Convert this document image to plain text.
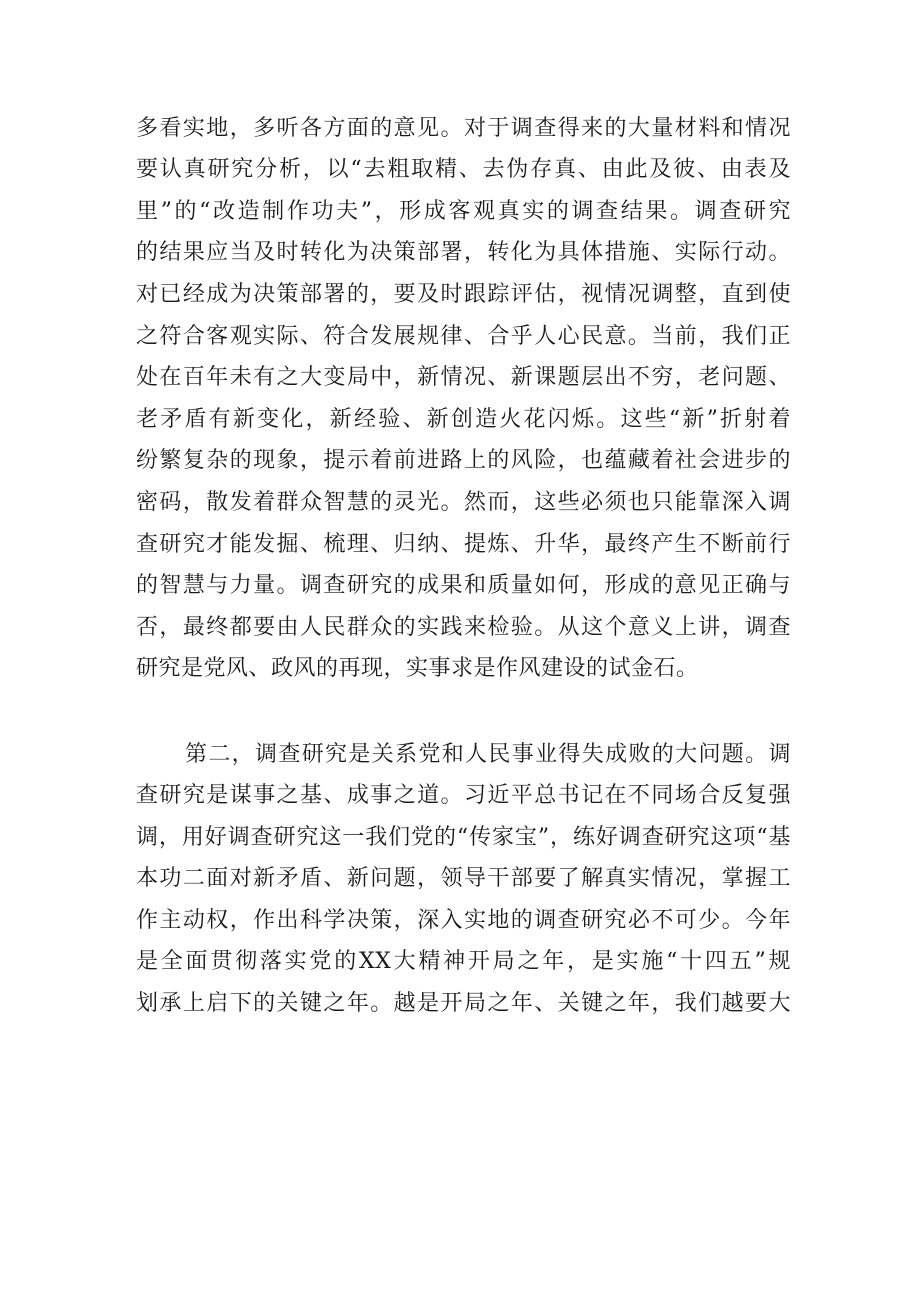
多看实地，多听各方面的意见。对于调查得来的大量材料和情况
要认真研究分析，以“去粗取精、去伪存真、由此及彼、由表及
里”的“改造制作功夫”，形成客观真实的调查结果。调查研究
的结果应当及时转化为决策部署，转化为具体措施、实际行动。
对已经成为决策部署的，要及时跟踪评估，视情况调整，直到使
之符合客观实际、符合发展规律、合乎人心民意。当前，我们正
处在百年未有之大变局中，新情况、新课题层出不穷，老问题、
老矛盾有新变化，新经验、新创造火花闪烁。这些“新”折射着
纷繁复杂的现象，提示着前进路上的风险，也蕴藏着社会进步的
密码，散发着群众智慧的灵光。然而，这些必须也只能靠深入调
查研究才能发掘、梳理、归纳、提炼、升华，最终产生不断前行
的智慧与力量。调查研究的成果和质量如何，形成的意见正确与
否，最终都要由人民群众的实践来检验。从这个意义上讲，调查
研究是党风、政风的再现，实事求是作风建设的试金石。
第二，调查研究是关系党和人民事业得失成败的大问题。调
查研究是谋事之基、成事之道。习近平总书记在不同场合反复强
调，用好调查研究这一我们党的“传家宝”，练好调查研究这项“基
本功二面对新矛盾、新问题，领导干部要了解真实情况，掌握工
作主动权，作出科学决策，深入实地的调查研究必不可少。今年
是全面贯彻落实党的XX大精神开局之年，是实施“十四五”规
划承上启下的关键之年。越是开局之年、关键之年，我们越要大
